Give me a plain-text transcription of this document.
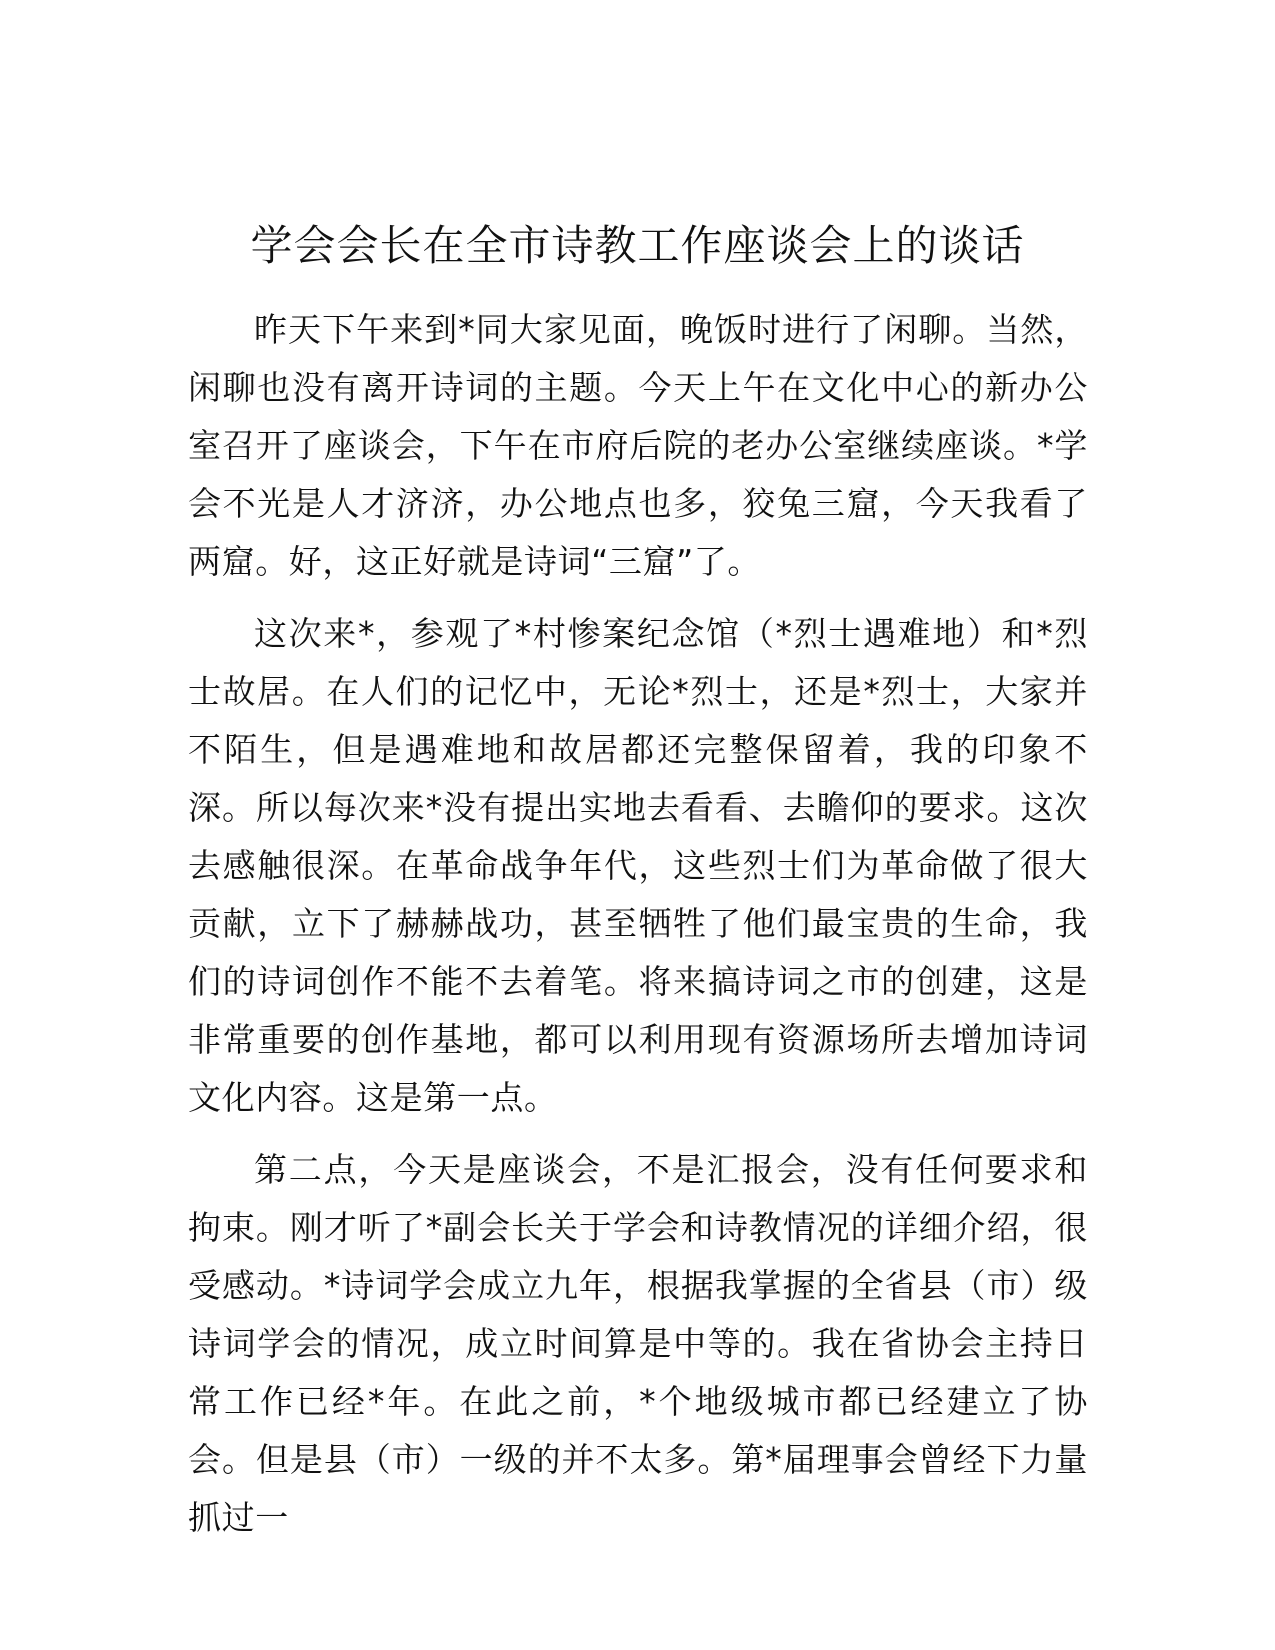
学会会长在全市诗教工作座谈会上的谈话

昨天下午来到*同大家见面，晚饭时进行了闲聊。当然，闲聊也没有离开诗词的主题。今天上午在文化中心的新办公室召开了座谈会，下午在市府后院的老办公室继续座谈。*学会不光是人才济济，办公地点也多，狡兔三窟，今天我看了两窟。好，这正好就是诗词“三窟”了。

这次来*，参观了*村惨案纪念馆（*烈士遇难地）和*烈士故居。在人们的记忆中，无论*烈士，还是*烈士，大家并不陌生，但是遇难地和故居都还完整保留着，我的印象不深。所以每次来*没有提出实地去看看、去瞻仰的要求。这次去感触很深。在革命战争年代，这些烈士们为革命做了很大贡献，立下了赫赫战功，甚至牺牲了他们最宝贵的生命，我们的诗词创作不能不去着笔。将来搞诗词之市的创建，这是非常重要的创作基地，都可以利用现有资源场所去增加诗词文化内容。这是第一点。

第二点，今天是座谈会，不是汇报会，没有任何要求和拘束。刚才听了*副会长关于学会和诗教情况的详细介绍，很受感动。*诗词学会成立九年，根据我掌握的全省县（市）级诗词学会的情况，成立时间算是中等的。我在省协会主持日常工作已经*年。在此之前，*个地级城市都已经建立了协会。但是县（市）一级的并不太多。第*届理事会曾经下力量抓过一
